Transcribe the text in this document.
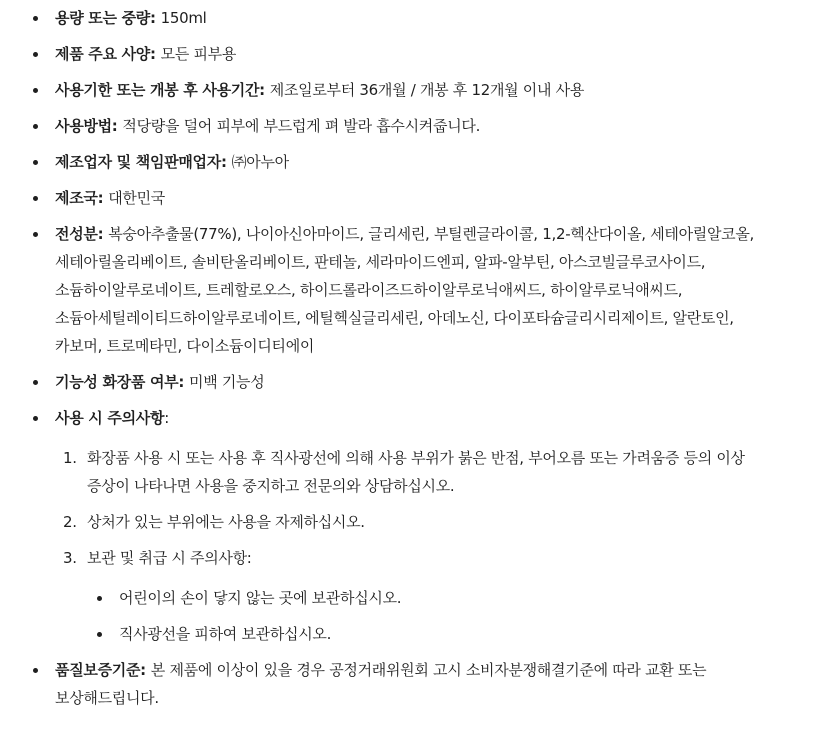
용량 또는 중량: 150ml
제품 주요 사양: 모든 피부용
사용기한 또는 개봉 후 사용기간: 제조일로부터 36개월 / 개봉 후 12개월 이내 사용
사용방법: 적당량을 덜어 피부에 부드럽게 펴 발라 흡수시켜줍니다.
제조업자 및 책임판매업자: ㈜아누아
제조국: 대한민국
전성분: 복숭아추출물(77%), 나이아신아마이드, 글리세린, 부틸렌글라이콜, 1,2-헥산다이올, 세테아릴알코올, 세테아릴올리베이트, 솔비탄올리베이트, 판테놀, 세라마이드엔피, 알파-알부틴, 아스코빌글루코사이드, 소듐하이알루로네이트, 트레할로오스, 하이드롤라이즈드하이알루로닉애씨드, 하이알루로닉애씨드, 소듐아세틸레이티드하이알루로네이트, 에틸헥실글리세린, 아데노신, 다이포타슘글리시리제이트, 알란토인, 카보머, 트로메타민, 다이소듐이디티에이
기능성 화장품 여부: 미백 기능성
사용 시 주의사항:
1. 화장품 사용 시 또는 사용 후 직사광선에 의해 사용 부위가 붉은 반점, 부어오름 또는 가려움증 등의 이상 증상이 나타나면 사용을 중지하고 전문의와 상담하십시오.
2. 상처가 있는 부위에는 사용을 자제하십시오.
3. 보관 및 취급 시 주의사항:
어린이의 손이 닿지 않는 곳에 보관하십시오.
직사광선을 피하여 보관하십시오.
품질보증기준: 본 제품에 이상이 있을 경우 공정거래위원회 고시 소비자분쟁해결기준에 따라 교환 또는 보상해드립니다.
